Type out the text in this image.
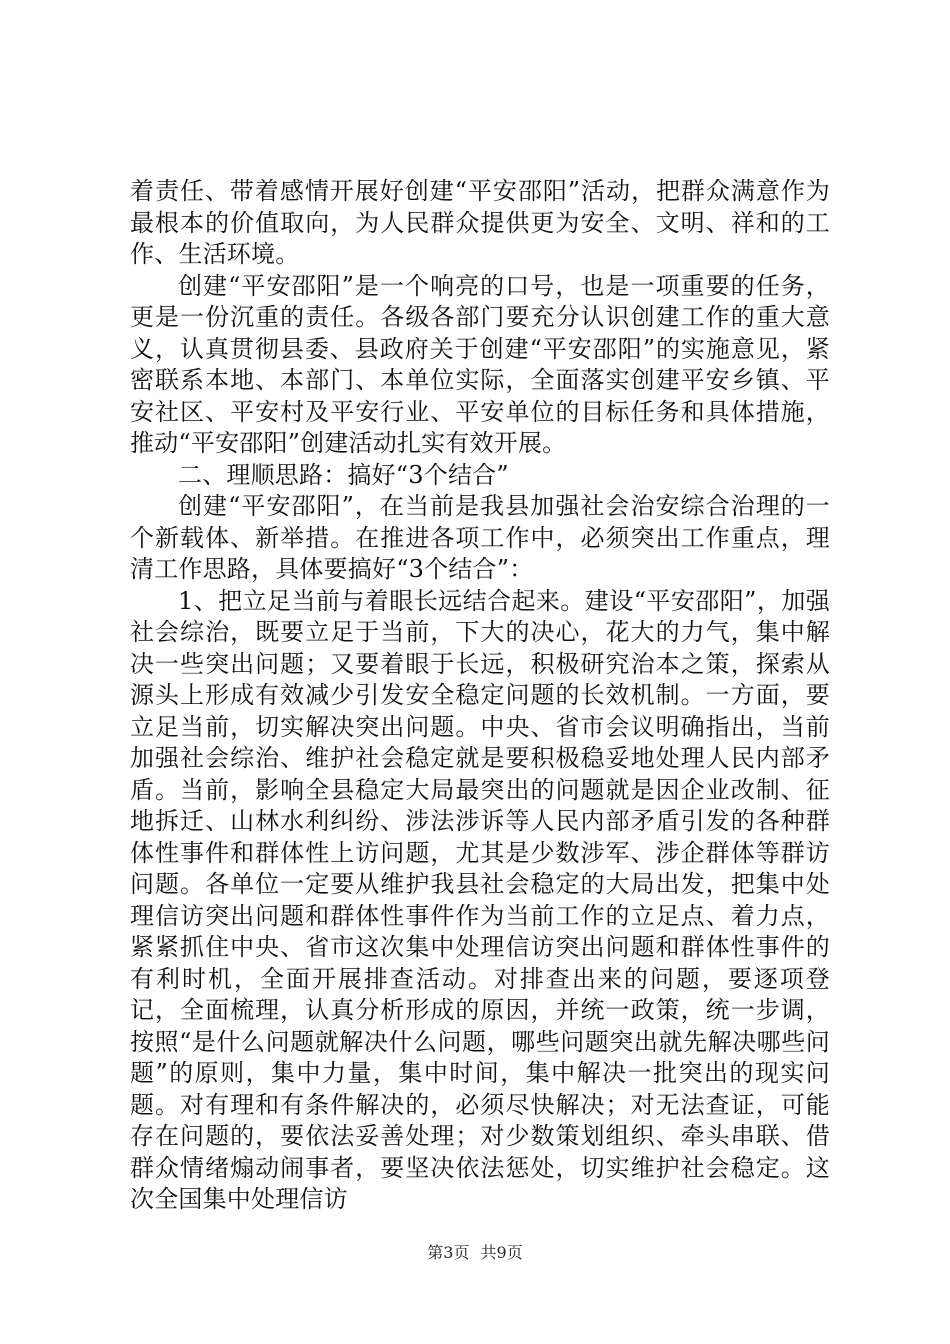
着责任、带着感情开展好创建“平安邵阳”活动，把群众满意作为最根本的价值取向，为人民群众提供更为安全、文明、祥和的工作、生活环境。

创建“平安邵阳”是一个响亮的口号，也是一项重要的任务，更是一份沉重的责任。各级各部门要充分认识创建工作的重大意义，认真贯彻县委、县政府关于创建“平安邵阳”的实施意见，紧密联系本地、本部门、本单位实际，全面落实创建平安乡镇、平安社区、平安村及平安行业、平安单位的目标任务和具体措施，推动“平安邵阳”创建活动扎实有效开展。

二、理顺思路：搞好“3个结合”

创建“平安邵阳”，在当前是我县加强社会治安综合治理的一个新载体、新举措。在推进各项工作中，必须突出工作重点，理清工作思路，具体要搞好“3个结合”：

1、把立足当前与着眼长远结合起来。建设“平安邵阳”，加强社会综治，既要立足于当前，下大的决心，花大的力气，集中解决一些突出问题；又要着眼于长远，积极研究治本之策，探索从源头上形成有效减少引发安全稳定问题的长效机制。一方面，要立足当前，切实解决突出问题。中央、省市会议明确指出，当前加强社会综治、维护社会稳定就是要积极稳妥地处理人民内部矛盾。当前，影响全县稳定大局最突出的问题就是因企业改制、征地拆迁、山林水利纠纷、涉法涉诉等人民内部矛盾引发的各种群体性事件和群体性上访问题，尤其是少数涉军、涉企群体等群访问题。各单位一定要从维护我县社会稳定的大局出发，把集中处理信访突出问题和群体性事件作为当前工作的立足点、着力点，紧紧抓住中央、省市这次集中处理信访突出问题和群体性事件的有利时机，全面开展排查活动。对排查出来的问题，要逐项登记，全面梳理，认真分析形成的原因，并统一政策，统一步调，按照“是什么问题就解决什么问题，哪些问题突出就先解决哪些问题”的原则，集中力量，集中时间，集中解决一批突出的现实问题。对有理和有条件解决的，必须尽快解决；对无法查证，可能存在问题的，要依法妥善处理；对少数策划组织、牵头串联、借群众情绪煽动闹事者，要坚决依法惩处，切实维护社会稳定。这次全国集中处理信访

第3页 共9页
